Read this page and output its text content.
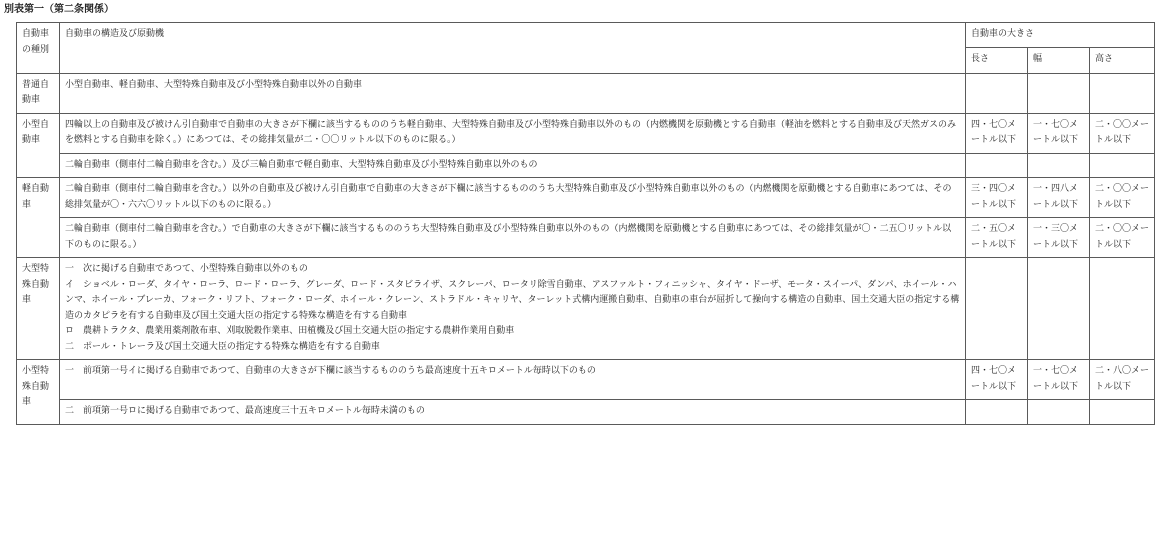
別表第一（第二条関係）
自動車の種別	自動車の構造及び原動機	自動車の大きさ		
		長さ	幅	高さ
普通自動車	小型自動車、軽自動車、大型特殊自動車及び小型特殊自動車以外の自動車			
小型自動車	四輪以上の自動車及び被けん引自動車で自動車の大きさが下欄に該当するもののうち軽自動車、大型特殊自動車及び小型特殊自動車以外のもの（内燃機関を原動機とする自動車（軽油を燃料とする自動車及び天然ガスのみを燃料とする自動車を除く。）にあつては、その総排気量が二・〇〇リットル以下のものに限る。）	四・七〇メートル以下	一・七〇メートル以下	二・〇〇メートル以下
	二輪自動車（側車付二輪自動車を含む。）及び三輪自動車で軽自動車、大型特殊自動車及び小型特殊自動車以外のもの			
軽自動車	二輪自動車（側車付二輪自動車を含む。）以外の自動車及び被けん引自動車で自動車の大きさが下欄に該当するもののうち大型特殊自動車及び小型特殊自動車以外のもの（内燃機関を原動機とする自動車にあつては、その総排気量が〇・六六〇リットル以下のものに限る。）	三・四〇メートル以下	一・四八メートル以下	二・〇〇メートル以下
	二輪自動車（側車付二輪自動車を含む。）で自動車の大きさが下欄に該当するもののうち大型特殊自動車及び小型特殊自動車以外のもの（内燃機関を原動機とする自動車にあつては、その総排気量が〇・二五〇リットル以下のものに限る。）	二・五〇メートル以下	一・三〇メートル以下	二・〇〇メートル以下
大型特殊自動車	一　次に掲げる自動車であつて、小型特殊自動車以外のもの
イ　ショベル・ローダ、タイヤ・ローラ、ロード・ローラ、グレーダ、ロード・スタビライザ、スクレーパ、ロータリ除雪自動車、アスファルト・フィニッシャ、タイヤ・ドーザ、モータ・スイーパ、ダンパ、ホイール・ハンマ、ホイール・ブレーカ、フォーク・リフト、フォーク・ローダ、ホイール・クレーン、ストラドル・キャリヤ、ターレット式構内運搬自動車、自動車の車台が屈折して操向する構造の自動車、国土交通大臣の指定する構造のカタピラを有する自動車及び国土交通大臣の指定する特殊な構造を有する自動車
ロ　農耕トラクタ、農業用薬剤散布車、刈取脱穀作業車、田植機及び国土交通大臣の指定する農耕作業用自動車
二　ポール・トレーラ及び国土交通大臣の指定する特殊な構造を有する自動車			

小型特殊自動車	一　前項第一号イに掲げる自動車であつて、自動車の大きさが下欄に該当するもののうち最高速度十五キロメートル毎時以下のもの	四・七〇メートル以下	一・七〇メートル以下	二・八〇メートル以下
	二　前項第一号ロに掲げる自動車であつて、最高速度三十五キロメートル毎時未満のもの			
